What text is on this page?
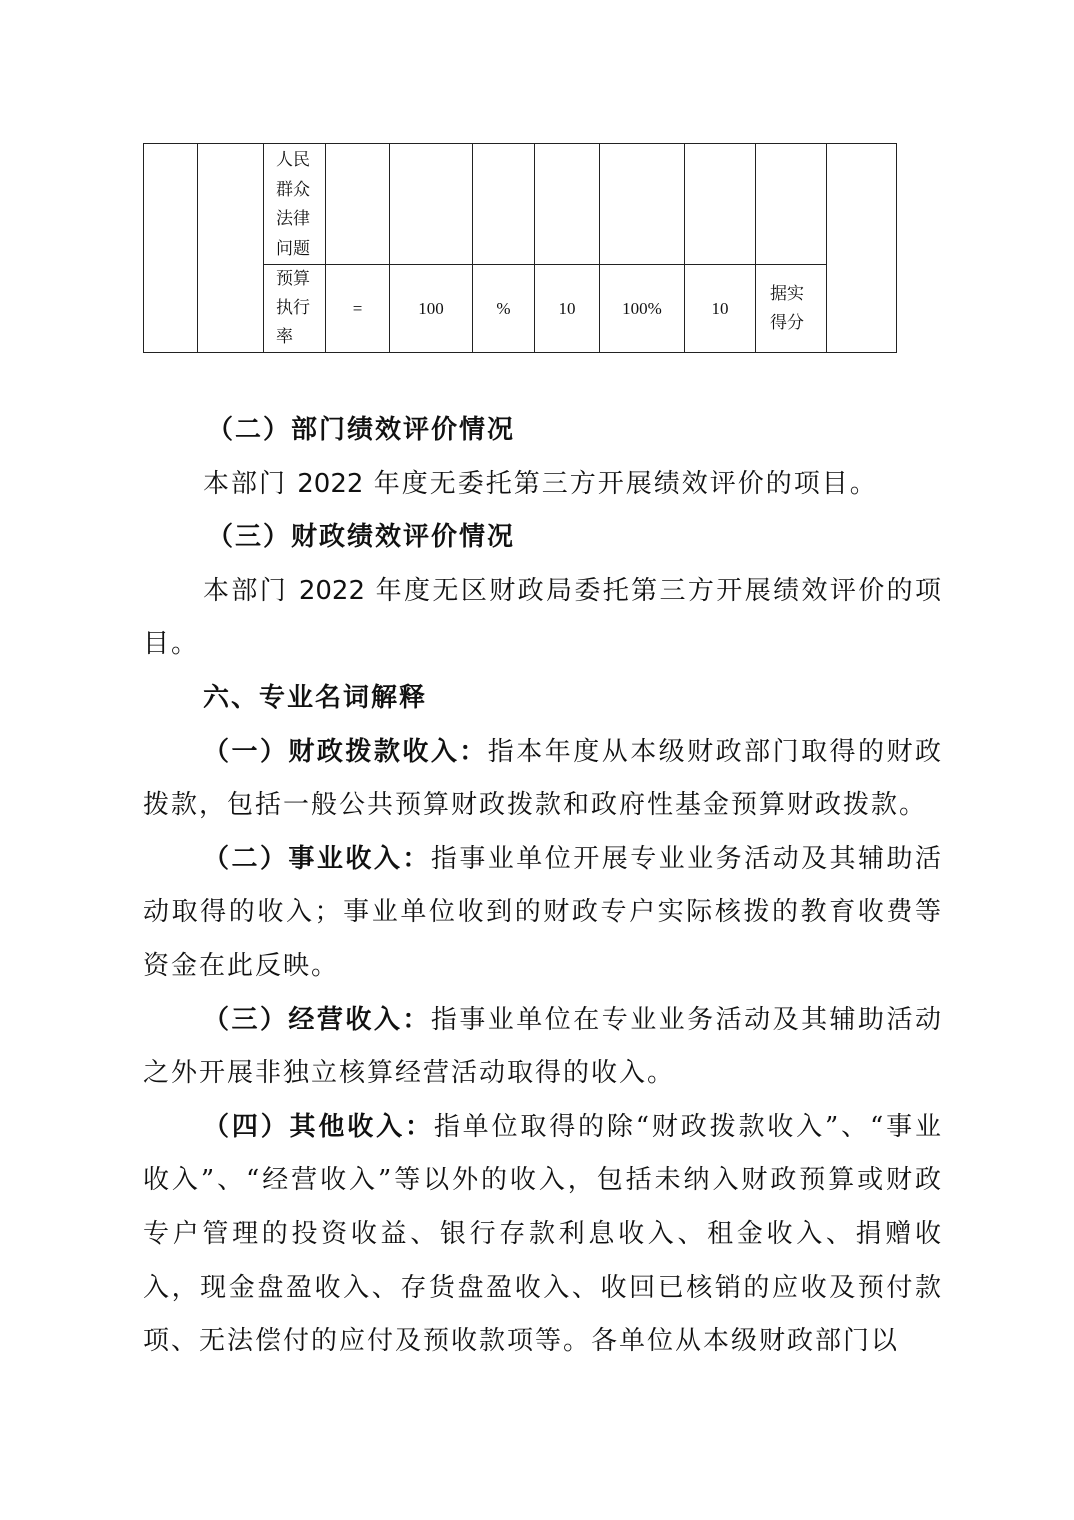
		人民
群众
法律
问题								

		预算
执行
率	=	100	%	10	100%	10	据实
得分	

（二）部门绩效评价情况

本部门 2022 年度无委托第三方开展绩效评价的项目。

（三）财政绩效评价情况

本部门 2022 年度无区财政局委托第三方开展绩效评价的项目。

六、专业名词解释

（一）财政拨款收入：指本年度从本级财政部门取得的财政拨款，包括一般公共预算财政拨款和政府性基金预算财政拨款。

（二）事业收入：指事业单位开展专业业务活动及其辅助活动取得的收入；事业单位收到的财政专户实际核拨的教育收费等资金在此反映。

（三）经营收入：指事业单位在专业业务活动及其辅助活动之外开展非独立核算经营活动取得的收入。

（四）其他收入：指单位取得的除“财政拨款收入”、“事业收入”、“经营收入”等以外的收入，包括未纳入财政预算或财政专户管理的投资收益、银行存款利息收入、租金收入、捐赠收入，现金盘盈收入、存货盘盈收入、收回已核销的应收及预付款项、无法偿付的应付及预收款项等。各单位从本级财政部门以
